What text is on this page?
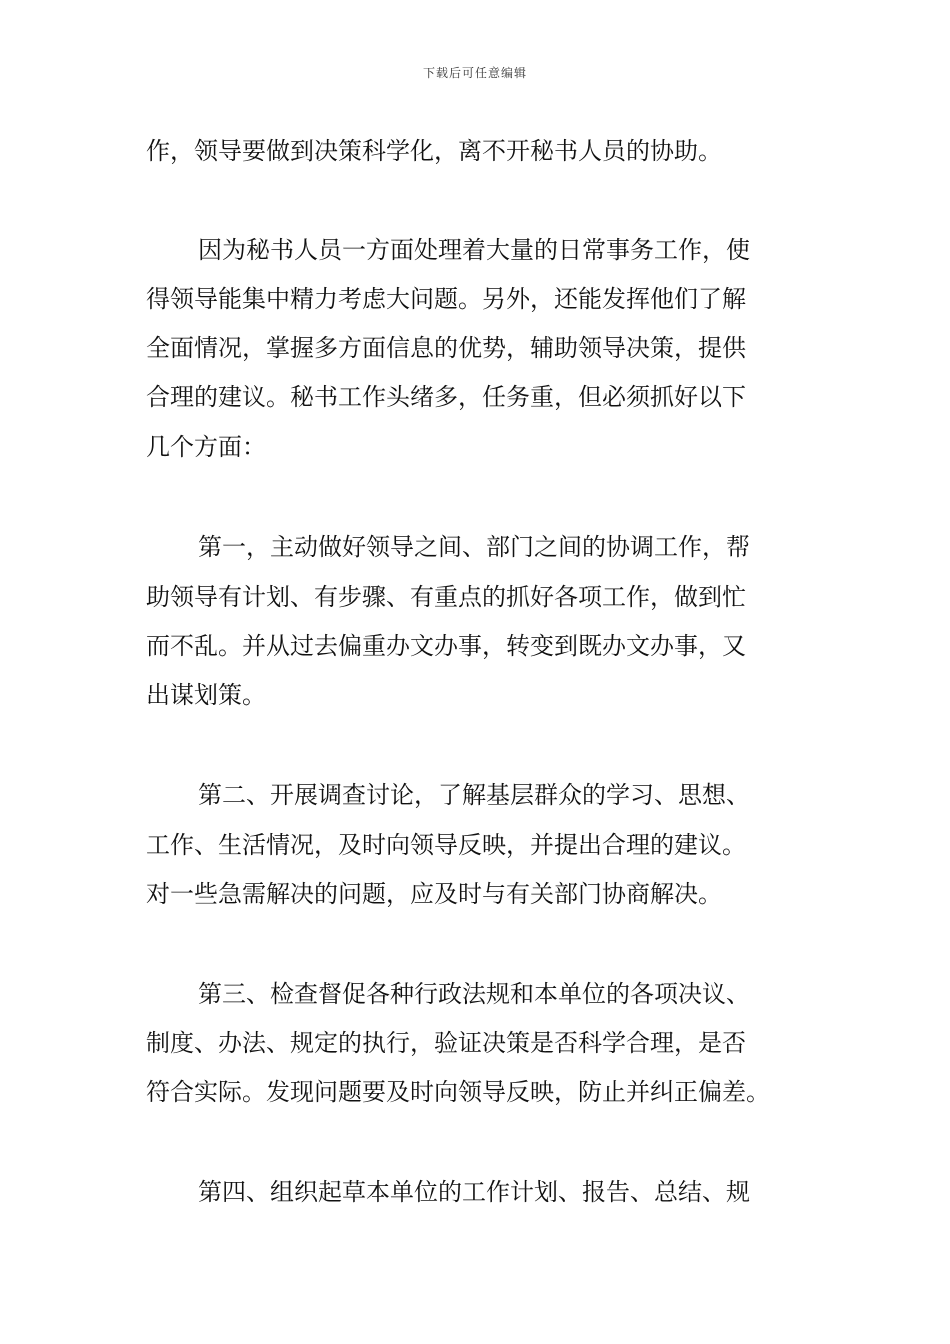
下载后可任意编辑

作，领导要做到决策科学化，离不开秘书人员的协助。

因为秘书人员一方面处理着大量的日常事务工作，使

得领导能集中精力考虑大问题。另外，还能发挥他们了解

全面情况，掌握多方面信息的优势，辅助领导决策，提供

合理的建议。秘书工作头绪多，任务重，但必须抓好以下

几个方面：

第一，主动做好领导之间、部门之间的协调工作，帮

助领导有计划、有步骤、有重点的抓好各项工作，做到忙

而不乱。并从过去偏重办文办事，转变到既办文办事，又

出谋划策。

第二、开展调查讨论，了解基层群众的学习、思想、

工作、生活情况，及时向领导反映，并提出合理的建议。

对一些急需解决的问题，应及时与有关部门协商解决。

第三、检查督促各种行政法规和本单位的各项决议、

制度、办法、规定的执行，验证决策是否科学合理，是否

符合实际。发现问题要及时向领导反映，防止并纠正偏差。

第四、组织起草本单位的工作计划、报告、总结、规
